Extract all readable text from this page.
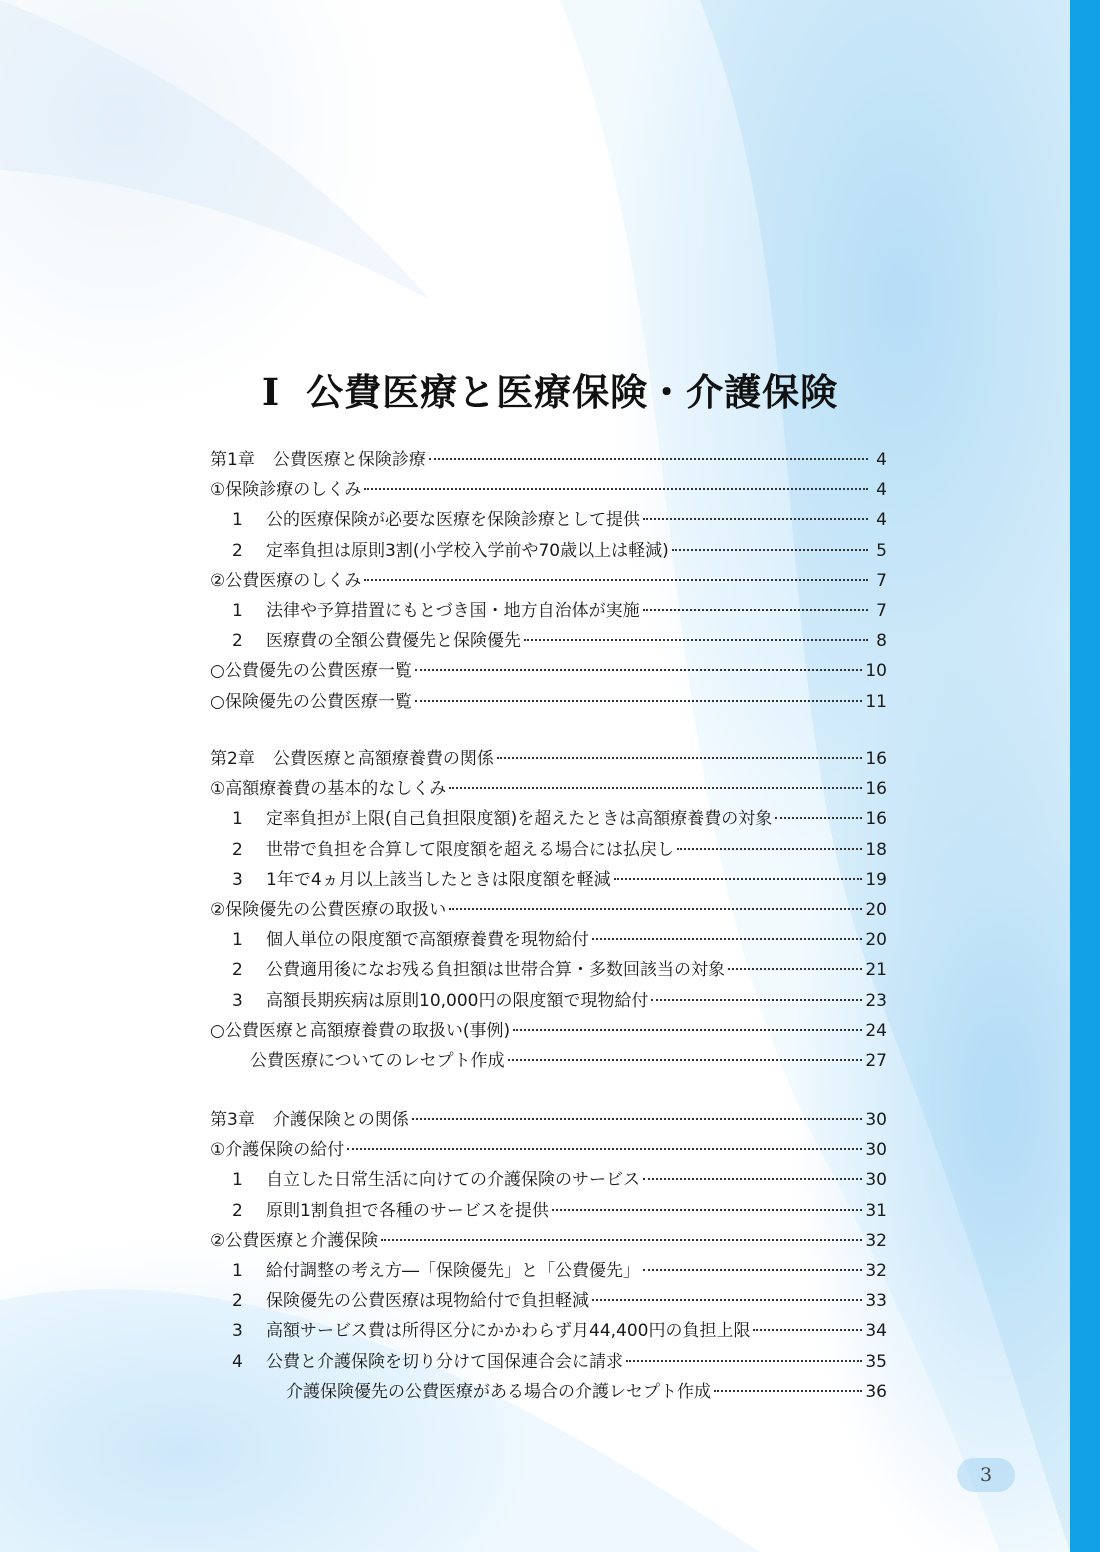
Ⅰ 公費医療と医療保険・介護保険
第1章 公費医療と保険診療	4
①保険診療のしくみ	4
1 公的医療保険が必要な医療を保険診療として提供	4
2 定率負担は原則3割(小学校入学前や70歳以上は軽減)	5
②公費医療のしくみ	7
1 法律や予算措置にもとづき国・地方自治体が実施	7
2 医療費の全額公費優先と保険優先	8
○公費優先の公費医療一覧	10
○保険優先の公費医療一覧	11
第2章 公費医療と高額療養費の関係	16
①高額療養費の基本的なしくみ	16
1 定率負担が上限(自己負担限度額)を超えたときは高額療養費の対象	16
2 世帯で負担を合算して限度額を超える場合には払戻し	18
3 1年で4ヵ月以上該当したときは限度額を軽減	19
②保険優先の公費医療の取扱い	20
1 個人単位の限度額で高額療養費を現物給付	20
2 公費適用後になお残る負担額は世帯合算・多数回該当の対象	21
3 高額長期疾病は原則10,000円の限度額で現物給付	23
○公費医療と高額療養費の取扱い(事例)	24
公費医療についてのレセプト作成	27
第3章 介護保険との関係	30
①介護保険の給付	30
1 自立した日常生活に向けての介護保険のサービス	30
2 原則1割負担で各種のサービスを提供	31
②公費医療と介護保険	32
1 給付調整の考え方―「保険優先」と「公費優先」	32
2 保険優先の公費医療は現物給付で負担軽減	33
3 高額サービス費は所得区分にかかわらず月44,400円の負担上限	34
4 公費と介護保険を切り分けて国保連合会に請求	35
介護保険優先の公費医療がある場合の介護レセプト作成	36
3
